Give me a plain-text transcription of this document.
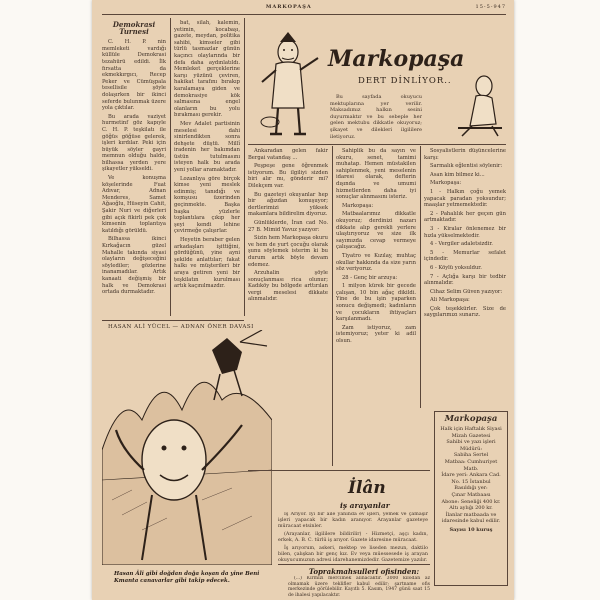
MARKOPAŞA	15-5-947
Demokrasi Turnesi

C. H. P. nin memleketi vardığı küllüle Demokrasi tezahürü edildi. İlk fırsatta da ekmekkırgıcı, Recep Peker ve Cümüşpala tesellisile şöyle dolaşırken bir ikinci seferde bulunmak üzere yola çıktılar.

Bu arada vaziyet hurmetinf göz kapıyle C. H. P. teşkilatı ile göğüs göğüse gelerek, işleri kırdılar. Peki için büyük söyler gayri memnun olduğu halde, bilhassa yerden yere şikayetler yükseldi.

Ve konuşma köşelerinde Fuat Adıvar, Adnan Menderes, Samet Ağaoğlu, Hüseyin Cahit, Şakir Nuri ve diğerleri gibi açık fikirli pek çok kimsenin toplantıya katıldığı görüldü.

Bilhassa ikinci Kırkağacın güzel Mahalle takında siyasi olayların değişeceğini söylediler; gözlerine inanamadılar. Artık kanaati değişmiş bir halk ve Demokrasi ortada durmaktadır.

bat, silah, kalemin, yetimin, kocabaşı, gazete, meydan, politika sahibi, kimseler gibi türlü tasmazlar günün kaçıncı olaylarında bir defa daha aydınlatıldı. Memleket gerçeklerine karşı yüzünü çeviren, hakikat tarafını bırakıp karalamaya giden ve demokrasiye kök salmasına engel olanların bu yolu bırakması gerekir.

Mev Adalet partisinin meselesi dahi sinirlendikten sonra dehşete düştü. Millî iradenin her bakımdan üstün tutulmasını isteyen halk bu arada yeni yollar aramaktadır.

Lozanlıya göre birçok kimse yeni meslek edinmiş; tanıdığı ve komşusu üzerinden geçinmekte. Başka başka yüzlerle toplantılara çıkıp her şeyi kendi lehine çevirmeğe çalışırlar.

Heyetin beraber gelen arkadaşları işittiğini, gördüğünü, yine ayni şekilde anlattılar; fakat halkı ve müşterileri bir araya getiren yeni bir teşkilatın kurulması artık kaçınılmazdır.

Markopaşa
DERT DİNLİYOR..

Bu sayfada okuyucu mektuplarına yer verilir. Maksadımız halkın sesini duyurmaktır ve bu sebeple her gelen mektubu dikkatle okuyoruz; şikayet ve dilekleri ilgililere iletiyoruz.

Ankaradan gelen fakir Bergai vatandaş ...

Peşpeşe gene öğrenmek istiyorum. Bu ilgiliyi sizden biri alır mı, gönderir mi? Dilekçem var.

Bu gazeteyi okuyanlar hep bir ağızdan konuşuyor; dertlerimizi yüksek makamlara bildirelim diyoruz.

Günlüklerde, İran cad No. 27 B. Mimid Yavuz yazıyor:

Sizin hem Markopaşa okuru ve hem de yurt çocuğu olarak şunu söylemek isterim ki bu durum artık böyle devam edemez.

Arzuhalin şöyle sonuçlanması rica olunur; Kadıköy bu bölgede arttırılan vergi meselesi dikkate alınmalıdır.

Sahiplik bu da sayın ve okuru, senet, tamimi muhatap. Hemen müstakilen sahiplenmek, yeni meselenin idaresi olarak, defterin dışında ve umumi hizmetlerden daha iyi sonuçlar alınmasını isteriz.

Markopaşa:

Matbaalarımız dikkatle okuyoruz; derdinizi nazarı dikkate alıp gerekli yerlere ulaştırıyoruz ve size ilk sayımızda cevap vermeye çalışacağız.

Tiyatro ve Kızılay, muhtaç okullar hakkında da size yarın söz veriyoruz.

28 - Genç bir arzuya:

1 milyon kürek bir gecede çalışan, 10 bin ağaç dikildi. Yine de bu işin yaparken sonucu değişmedi; kadınların ve çocukların ihtiyaçları karşılanmadı.

Zam istiyoruz, zam istemiyoruz; yeter ki adil olsun.

Sosyalistlerin düşüncelerine karşı:

Sarmalık eğlentisi söylenir:

Asan kim bilmez ki...

Markopaşa:

1 - Halkın çoğu yemek yapacak paradan yoksundur; maaşlar yetmemektedir.

2 - Pahalılık her geçen gün artmaktadır.

3 - Kiralar önlenemez bir hızla yükselmektedir.

4 - Vergiler adaletsizdir.

5 - Memurlar sefalet içindedir.

6 - Köylü yoksuldur.

7 - Açlığa karşı bir tedbir alınmalıdır.

Cihaz Selim Güven yazıyor:

Ali Markopaşa:

Çok teşekkürler. Size de saygılarımızı sunarız.

HASAN ALİ YÜCEL — ADNAN ÖNER DAVASI
Hasan Âli gibi doğdan doğa koşan da yine Beni Kmanta canavarlar gibi takip edecek.
İlân
iş arayanlar

İş Arıyor. İyi bir aile yanında ev işleri, yemek ve çamaşır işleri yapacak bir kadın aranıyor. Arayanlar gazeteye müracaat etsinler.

(Arayanlar, ilgililere bildirilir) - Hizmetçi, aşçı kadın, erkek, A. B. C. türlü iş arıyor. Gazete idaresine müracaat.

İş arıyorum, askeri, mektep ve liseden mezun, daktilo bilen, çalışkan bir genç kız. Ev veya müessesede iş arayan okuyucumuzun adresi idarehanemizdedir. Gazetemize yazılır.

Toprakmahsulleri ofisinden:

(...) Kırmızı mercimek alınacaktır. 3000 kilodan az olmamak üzere teklifler kabul edilir; şartname ofis merkezinde görülebilir. Kayıtlı 5. Kasım, 1947 günü saat 15 de ihalesi yapılacaktır.

Markopaşa
Halk için Haftalık Siyasi Mizah Gazetesi
Sahibi ve yazı işleri Müdürü:
Sabiha Sertel
Matbaa: Cumhuriyet Matb.
İdare yeri: Ankara Cad. No. 15 İstanbul
Basıldığı yer:
Çınar Matbaası
Abone: Seneliği 400 kr. Altı aylığı 200 kr.
İlanlar matbaada ve idaresinde kabul edilir.
Sayısı 10 kuruş
